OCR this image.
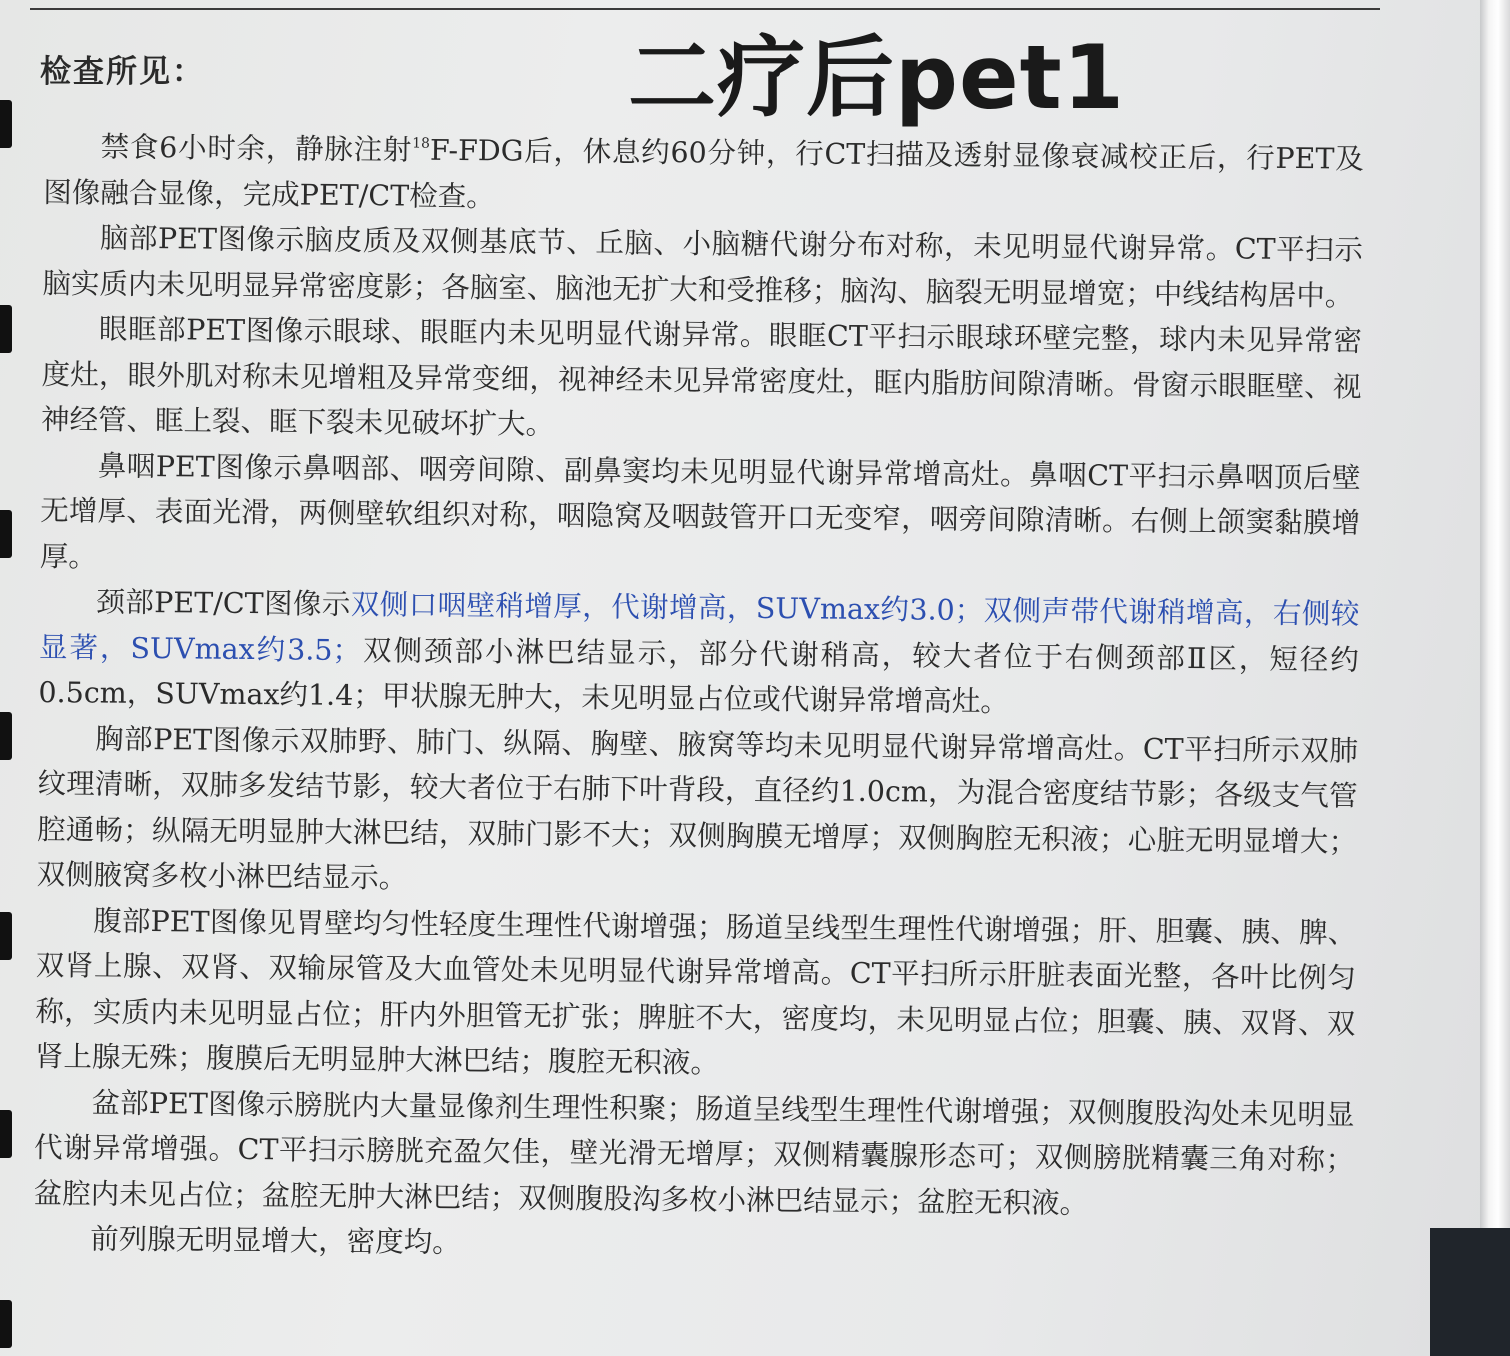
检查所见：	二疗后pet1

禁食6小时余，静脉注射$^{18}$F-FDG后，休息约60分钟，行CT扫描及透射显像衰减校正后，行PET及图像融合显像，完成PET/CT检查。

脑部PET图像示脑皮质及双侧基底节、丘脑、小脑糖代谢分布对称，未见明显代谢异常。CT平扫示脑实质内未见明显异常密度影；各脑室、脑池无扩大和受推移；脑沟、脑裂无明显增宽；中线结构居中。

眼眶部PET图像示眼球、眼眶内未见明显代谢异常。眼眶CT平扫示眼球环壁完整，球内未见异常密度灶，眼外肌对称未见增粗及异常变细，视神经未见异常密度灶，眶内脂肪间隙清晰。骨窗示眼眶壁、视神经管、眶上裂、眶下裂未见破坏扩大。

鼻咽PET图像示鼻咽部、咽旁间隙、副鼻窦均未见明显代谢异常增高灶。鼻咽CT平扫示鼻咽顶后壁无增厚、表面光滑，两侧壁软组织对称，咽隐窝及咽鼓管开口无变窄，咽旁间隙清晰。右侧上颌窦黏膜增厚。

颈部PET/CT图像示双侧口咽壁稍增厚，代谢增高，SUVmax约3.0；双侧声带代谢稍增高，右侧较显著，SUVmax约3.5；双侧颈部小淋巴结显示，部分代谢稍高，较大者位于右侧颈部Ⅱ区，短径约0.5cm，SUVmax约1.4；甲状腺无肿大，未见明显占位或代谢异常增高灶。

胸部PET图像示双肺野、肺门、纵隔、胸壁、腋窝等均未见明显代谢异常增高灶。CT平扫所示双肺纹理清晰，双肺多发结节影，较大者位于右肺下叶背段，直径约1.0cm，为混合密度结节影；各级支气管腔通畅；纵隔无明显肿大淋巴结，双肺门影不大；双侧胸膜无增厚；双侧胸腔无积液；心脏无明显增大；双侧腋窝多枚小淋巴结显示。

腹部PET图像见胃壁均匀性轻度生理性代谢增强；肠道呈线型生理性代谢增强；肝、胆囊、胰、脾、双肾上腺、双肾、双输尿管及大血管处未见明显代谢异常增高。CT平扫所示肝脏表面光整，各叶比例匀称，实质内未见明显占位；肝内外胆管无扩张；脾脏不大，密度均，未见明显占位；胆囊、胰、双肾、双肾上腺无殊；腹膜后无明显肿大淋巴结；腹腔无积液。

盆部PET图像示膀胱内大量显像剂生理性积聚；肠道呈线型生理性代谢增强；双侧腹股沟处未见明显代谢异常增强。CT平扫示膀胱充盈欠佳，壁光滑无增厚；双侧精囊腺形态可；双侧膀胱精囊三角对称；盆腔内未见占位；盆腔无肿大淋巴结；双侧腹股沟多枚小淋巴结显示；盆腔无积液。

前列腺无明显增大，密度均。
